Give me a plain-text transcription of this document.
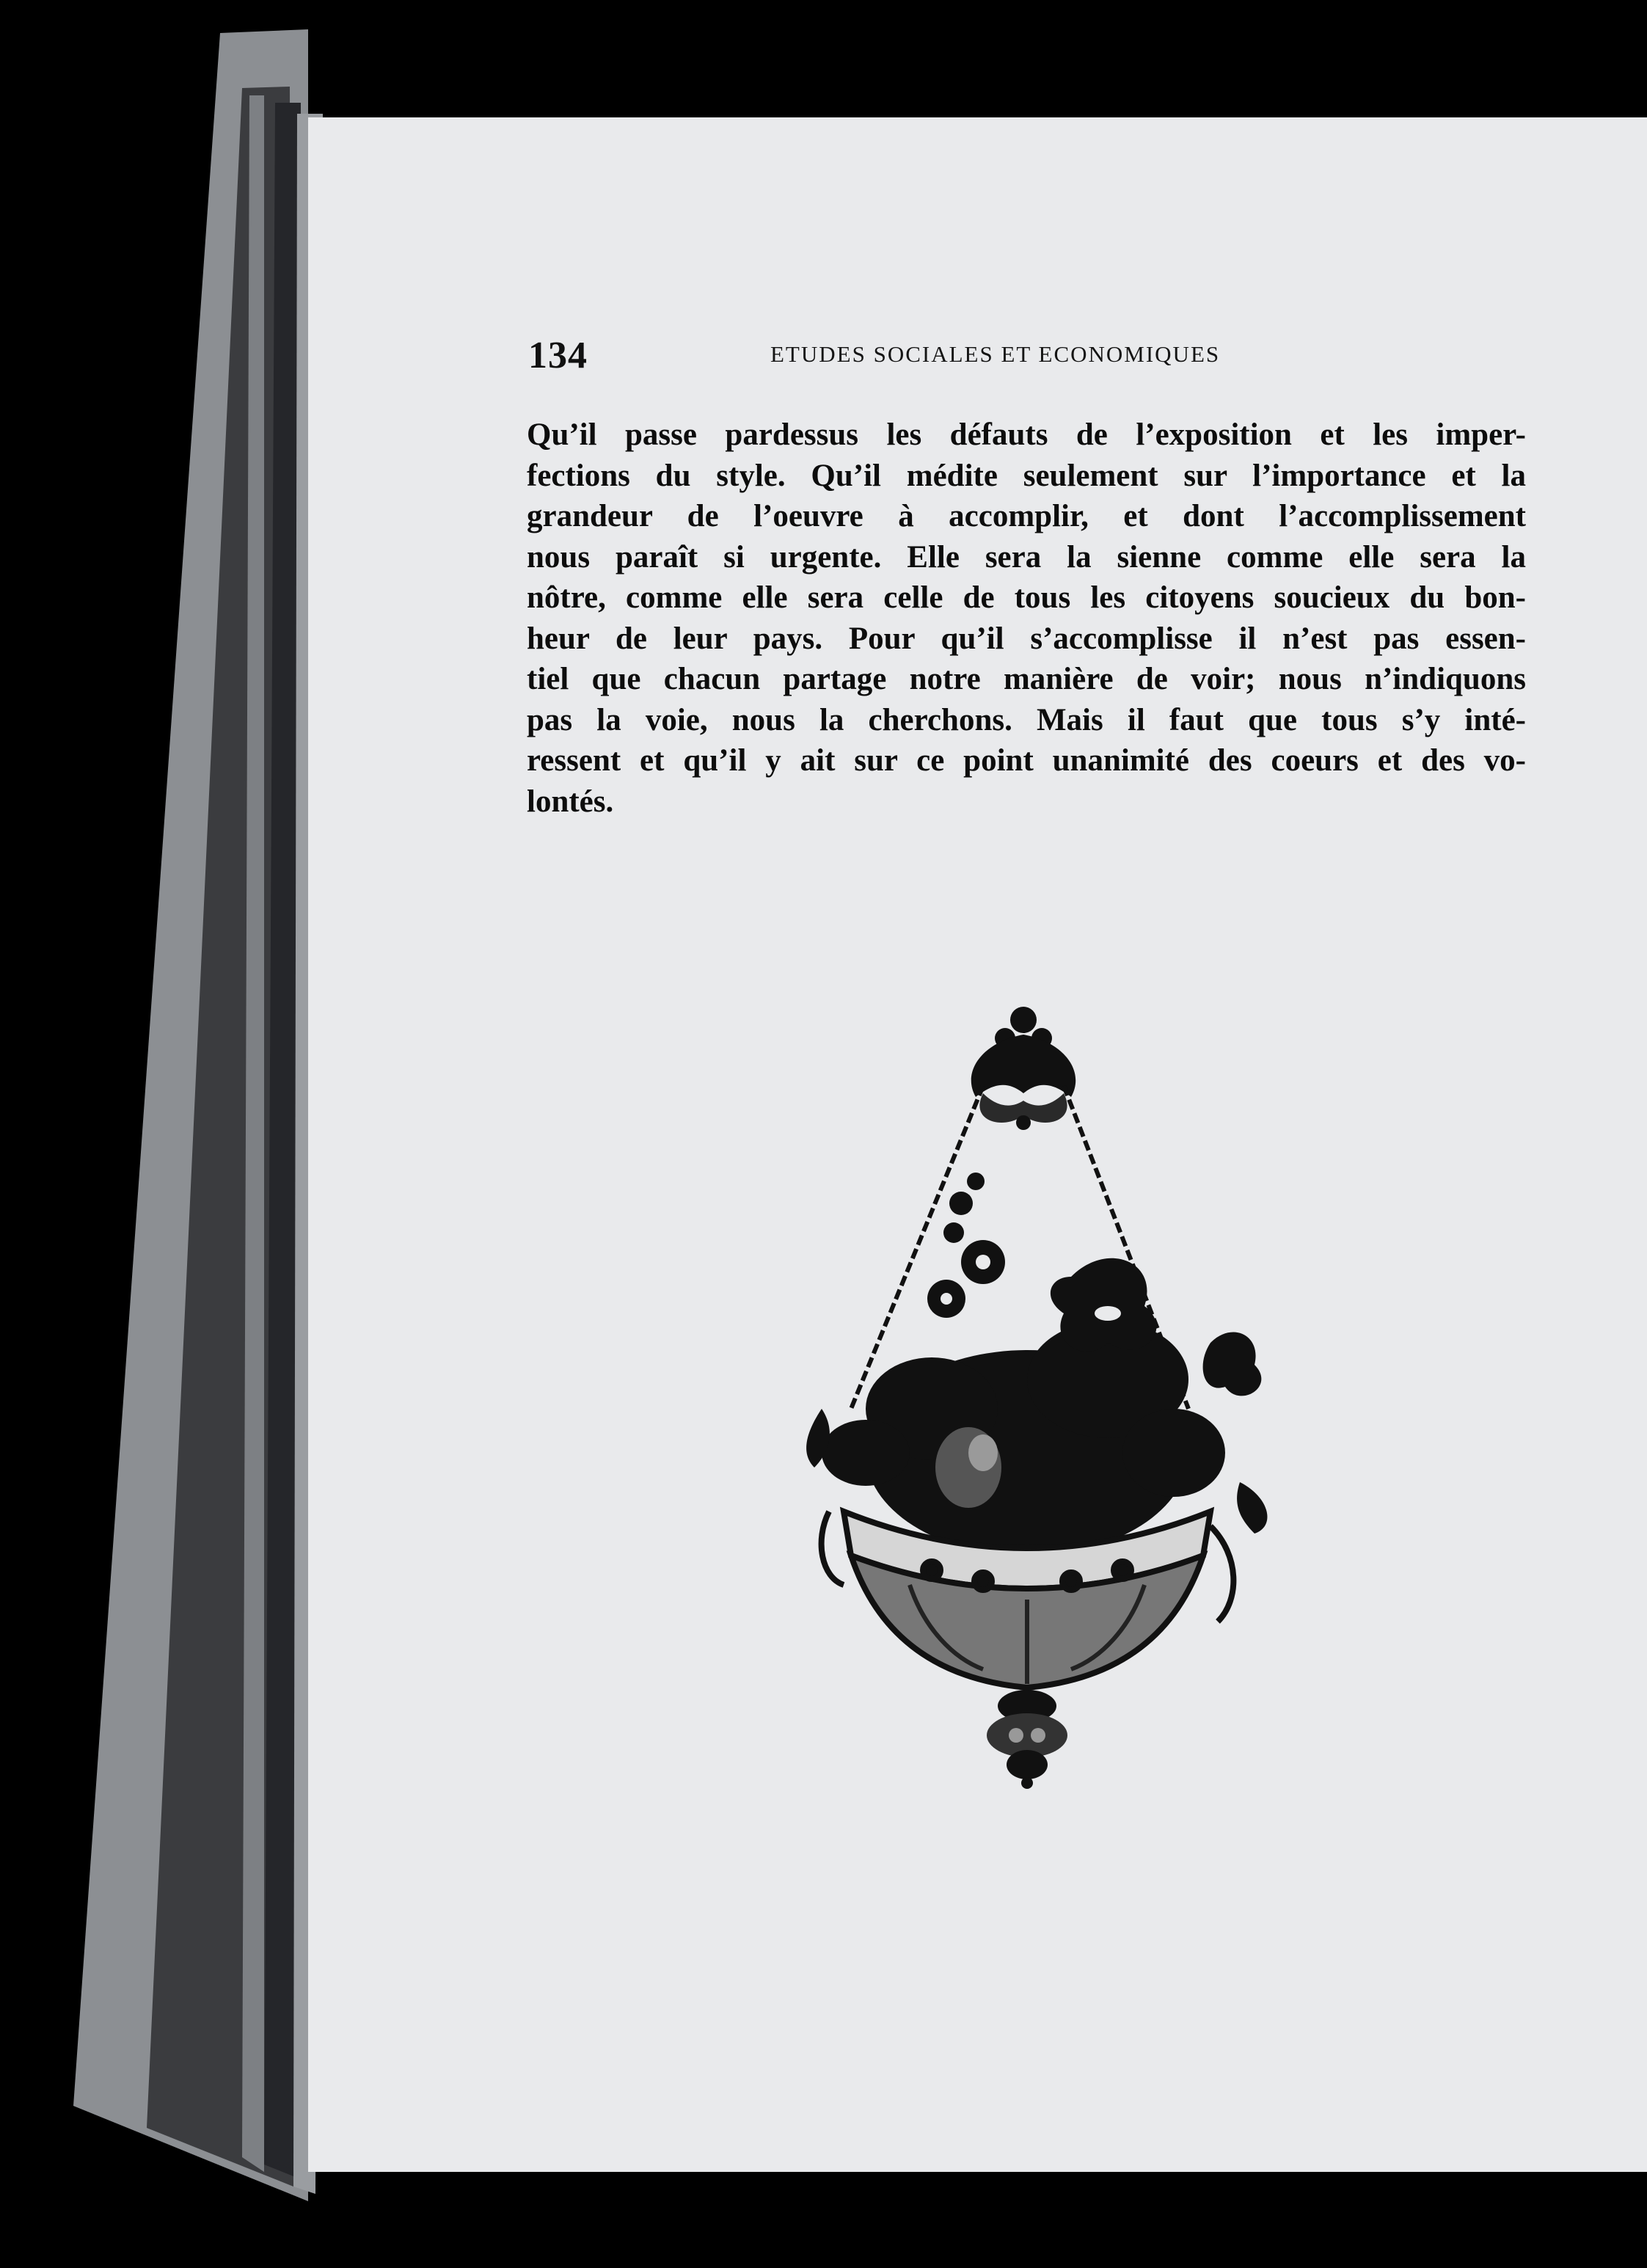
134	ETUDES SOCIALES ET ECONOMIQUES
Qu’il passe pardessus les défauts de l’exposition et les imper-
fections du style. Qu’il médite seulement sur l’importance et la
grandeur de l’oeuvre à accomplir, et dont l’accomplissement
nous paraît si urgente. Elle sera la sienne comme elle sera la
nôtre, comme elle sera celle de tous les citoyens soucieux du bon-
heur de leur pays. Pour qu’il s’accomplisse il n’est pas essen-
tiel que chacun partage notre manière de voir; nous n’indiquons
pas la voie, nous la cherchons. Mais il faut que tous s’y inté-
ressent et qu’il y ait sur ce point unanimité des coeurs et des vo-
lontés.
